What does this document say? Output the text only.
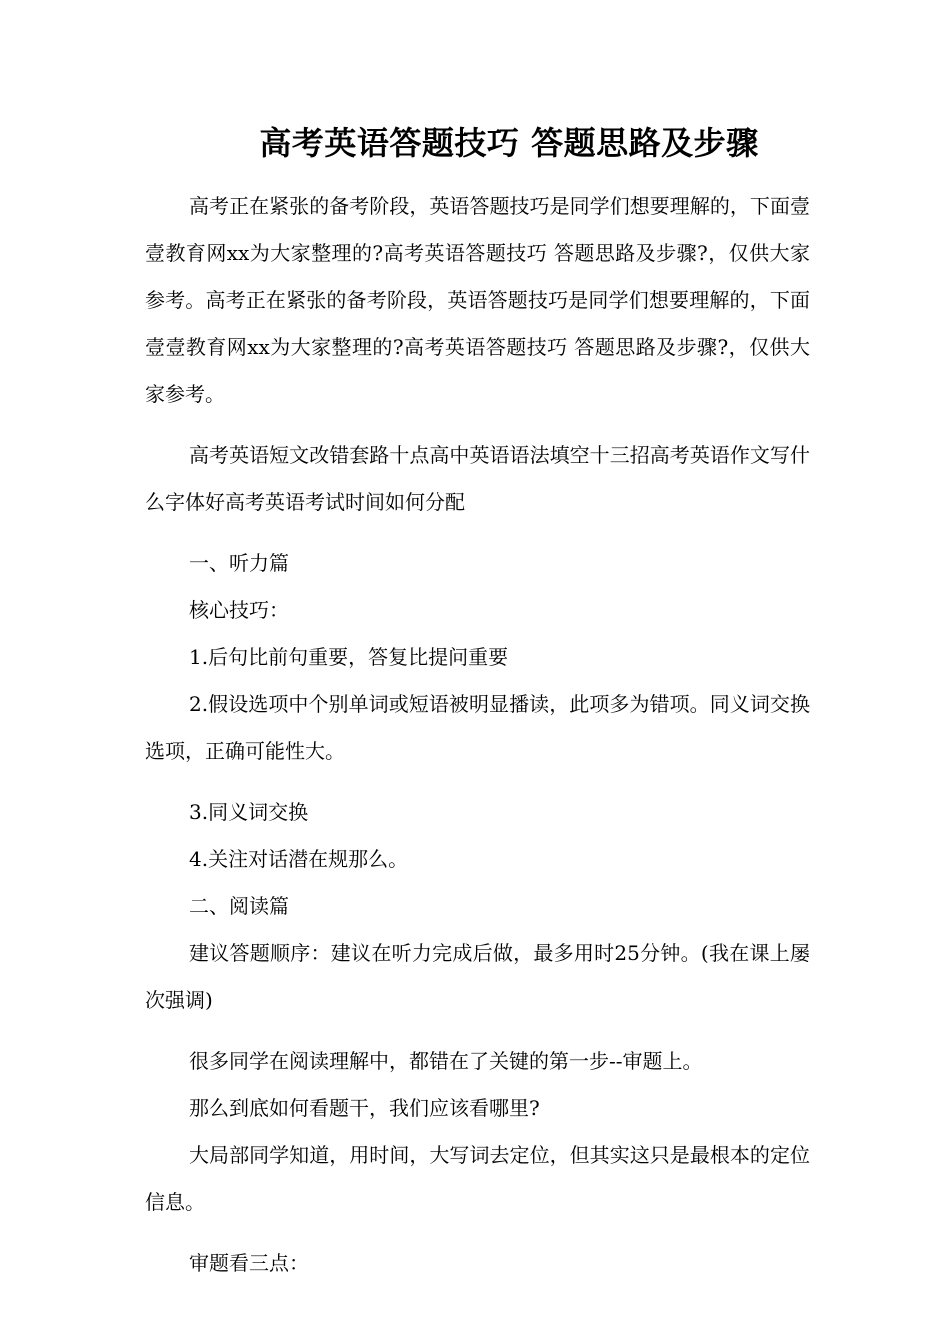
高考英语答题技巧 答题思路及步骤

高考正在紧张的备考阶段，英语答题技巧是同学们想要理解的，下面壹壹教育网xx为大家整理的?高考英语答题技巧 答题思路及步骤?，仅供大家参考。高考正在紧张的备考阶段，英语答题技巧是同学们想要理解的，下面壹壹教育网xx为大家整理的?高考英语答题技巧 答题思路及步骤?，仅供大家参考。

高考英语短文改错套路十点高中英语语法填空十三招高考英语作文写什么字体好高考英语考试时间如何分配

一、听力篇

核心技巧：

1.后句比前句重要，答复比提问重要

2.假设选项中个别单词或短语被明显播读，此项多为错项。同义词交换选项，正确可能性大。

3.同义词交换

4.关注对话潜在规那么。

二、阅读篇

建议答题顺序：建议在听力完成后做，最多用时25分钟。(我在课上屡次强调)

很多同学在阅读理解中，都错在了关键的第一步--审题上。

那么到底如何看题干，我们应该看哪里?

大局部同学知道，用时间，大写词去定位，但其实这只是最根本的定位信息。

审题看三点：
